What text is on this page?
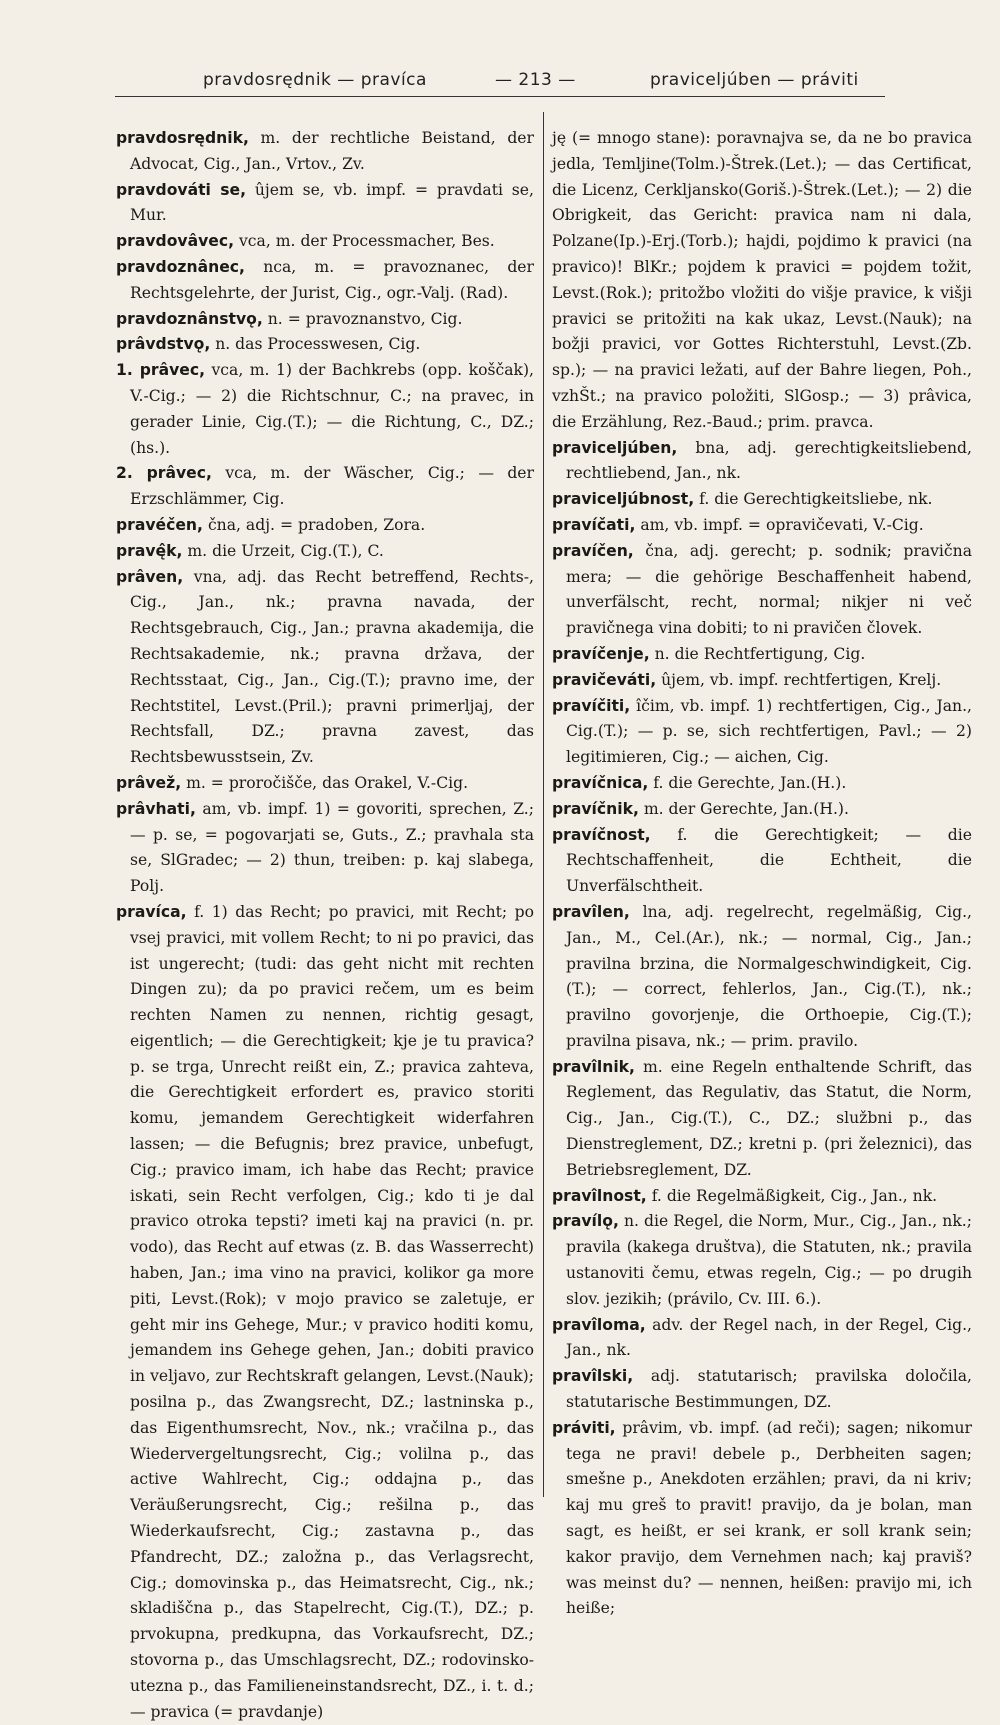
pravdosrędnik — pravíca	— 213 —	praviceljúben — práviti

pravdosrędnik, m. der rechtliche Beistand, der Advocat, Cig., Jan., Vrtov., Zv.

pravdováti se, ûjem se, vb. impf. = pravdati se, Mur.

pravdovâvec, vca, m. der Processmacher, Bes.

pravdoznânec, nca, m. = pravoznanec, der Rechtsgelehrte, der Jurist, Cig., ogr.-Valj. (Rad).

pravdoznânstvǫ, n. = pravoznanstvo, Cig.

prâvdstvǫ, n. das Processwesen, Cig.

1. prâvec, vca, m. 1) der Bachkrebs (opp. koščak), V.-Cig.; — 2) die Richtschnur, C.; na pravec, in gerader Linie, Cig.(T.); — die Richtung, C., DZ.; (hs.).

2. prâvec, vca, m. der Wäscher, Cig.; — der Erzschlämmer, Cig.

pravéčen, čna, adj. = pradoben, Zora.

pravę̂k, m. die Urzeit, Cig.(T.), C.

prâven, vna, adj. das Recht betreffend, Rechts-, Cig., Jan., nk.; pravna navada, der Rechtsgebrauch, Cig., Jan.; pravna akademija, die Rechtsakademie, nk.; pravna država, der Rechtsstaat, Cig., Jan., Cig.(T.); pravno ime, der Rechtstitel, Levst.(Pril.); pravni primerljaj, der Rechtsfall, DZ.; pravna zavest, das Rechtsbewusstsein, Zv.

prâvež, m. = proročišče, das Orakel, V.-Cig.

prâvhati, am, vb. impf. 1) = govoriti, sprechen, Z.; — p. se, = pogovarjati se, Guts., Z.; pravhala sta se, SlGradec; — 2) thun, treiben: p. kaj slabega, Polj.

pravíca, f. 1) das Recht; po pravici, mit Recht; po vsej pravici, mit vollem Recht; to ni po pravici, das ist ungerecht; (tudi: das geht nicht mit rechten Dingen zu); da po pravici rečem, um es beim rechten Namen zu nennen, richtig gesagt, eigentlich; — die Gerechtigkeit; kje je tu pravica? p. se trga, Unrecht reißt ein, Z.; pravica zahteva, die Gerechtigkeit erfordert es, pravico storiti komu, jemandem Gerechtigkeit widerfahren lassen; — die Befugnis; brez pravice, unbefugt, Cig.; pravico imam, ich habe das Recht; pravice iskati, sein Recht verfolgen, Cig.; kdo ti je dal pravico otroka tepsti? imeti kaj na pravici (n. pr. vodo), das Recht auf etwas (z. B. das Wasserrecht) haben, Jan.; ima vino na pravici, kolikor ga more piti, Levst.(Rok); v mojo pravico se zaletuje, er geht mir ins Gehege, Mur.; v pravico hoditi komu, jemandem ins Gehege gehen, Jan.; dobiti pravico in veljavo, zur Rechtskraft gelangen, Levst.(Nauk); posilna p., das Zwangsrecht, DZ.; lastninska p., das Eigenthumsrecht, Nov., nk.; vračilna p., das Wiedervergeltungsrecht, Cig.; volilna p., das active Wahlrecht, Cig.; oddajna p., das Veräußerungsrecht, Cig.; rešilna p., das Wiederkaufsrecht, Cig.; zastavna p., das Pfandrecht, DZ.; založna p., das Verlagsrecht, Cig.; domovinska p., das Heimatsrecht, Cig., nk.; skladiščna p., das Stapelrecht, Cig.(T.), DZ.; p. prvokupna, predkupna, das Vorkaufsrecht, DZ.; stovorna p., das Umschlagsrecht, DZ.; rodovinsko-utezna p., das Familieneinstandsrecht, DZ., i. t. d.; — pravica (= pravdanje)

ję (= mnogo stane): poravnajva se, da ne bo pravica jedla, Temljine(Tolm.)-Štrek.(Let.); — das Certificat, die Licenz, Cerkljansko(Goriš.)-Štrek.(Let.); — 2) die Obrigkeit, das Gericht: pravica nam ni dala, Polzane(Ip.)-Erj.(Torb.); hajdi, pojdimo k pravici (na pravico)! BlKr.; pojdem k pravici = pojdem tožit, Levst.(Rok.); pritožbo vložiti do višje pravice, k višji pravici se pritožiti na kak ukaz, Levst.(Nauk); na božji pravici, vor Gottes Richterstuhl, Levst.(Zb. sp.); — na pravici ležati, auf der Bahre liegen, Poh., vzhŠt.; na pravico položiti, SlGosp.; — 3) prâvica, die Erzählung, Rez.-Baud.; prim. pravca.

praviceljúben, bna, adj. gerechtigkeitsliebend, rechtliebend, Jan., nk.

praviceljúbnost, f. die Gerechtigkeitsliebe, nk.

pravíčati, am, vb. impf. = opravičevati, V.-Cig.

pravíčen, čna, adj. gerecht; p. sodnik; pravična mera; — die gehörige Beschaffenheit habend, unverfälscht, recht, normal; nikjer ni več pravičnega vina dobiti; to ni pravičen človek.

pravíčenje, n. die Rechtfertigung, Cig.

pravičeváti, ûjem, vb. impf. rechtfertigen, Krelj.

pravíčiti, îčim, vb. impf. 1) rechtfertigen, Cig., Jan., Cig.(T.); — p. se, sich rechtfertigen, Pavl.; — 2) legitimieren, Cig.; — aichen, Cig.

pravíčnica, f. die Gerechte, Jan.(H.).

pravíčnik, m. der Gerechte, Jan.(H.).

pravíčnost, f. die Gerechtigkeit; — die Rechtschaffenheit, die Echtheit, die Unverfälschtheit.

pravîlen, lna, adj. regelrecht, regelmäßig, Cig., Jan., M., Cel.(Ar.), nk.; — normal, Cig., Jan.; pravilna brzina, die Normalgeschwindigkeit, Cig.(T.); — correct, fehlerlos, Jan., Cig.(T.), nk.; pravilno govorjenje, die Orthoepie, Cig.(T.); pravilna pisava, nk.; — prim. pravilo.

pravîlnik, m. eine Regeln enthaltende Schrift, das Reglement, das Regulativ, das Statut, die Norm, Cig., Jan., Cig.(T.), C., DZ.; službni p., das Dienstreglement, DZ.; kretni p. (pri železnici), das Betriebsreglement, DZ.

pravîlnost, f. die Regelmäßigkeit, Cig., Jan., nk.

pravílǫ, n. die Regel, die Norm, Mur., Cig., Jan., nk.; pravila (kakega društva), die Statuten, nk.; pravila ustanoviti čemu, etwas regeln, Cig.; — po drugih slov. jezikih; (právilo, Cv. III. 6.).

pravîloma, adv. der Regel nach, in der Regel, Cig., Jan., nk.

pravîlski, adj. statutarisch; pravilska določila, statutarische Bestimmungen, DZ.

práviti, prâvim, vb. impf. (ad reči); sagen; nikomur tega ne pravi! debele p., Derbheiten sagen; smešne p., Anekdoten erzählen; pravi, da ni kriv; kaj mu greš to pravit! pravijo, da je bolan, man sagt, es heißt, er sei krank, er soll krank sein; kakor pravijo, dem Vernehmen nach; kaj praviš? was meinst du? — nennen, heißen: pravijo mi, ich heiße;
